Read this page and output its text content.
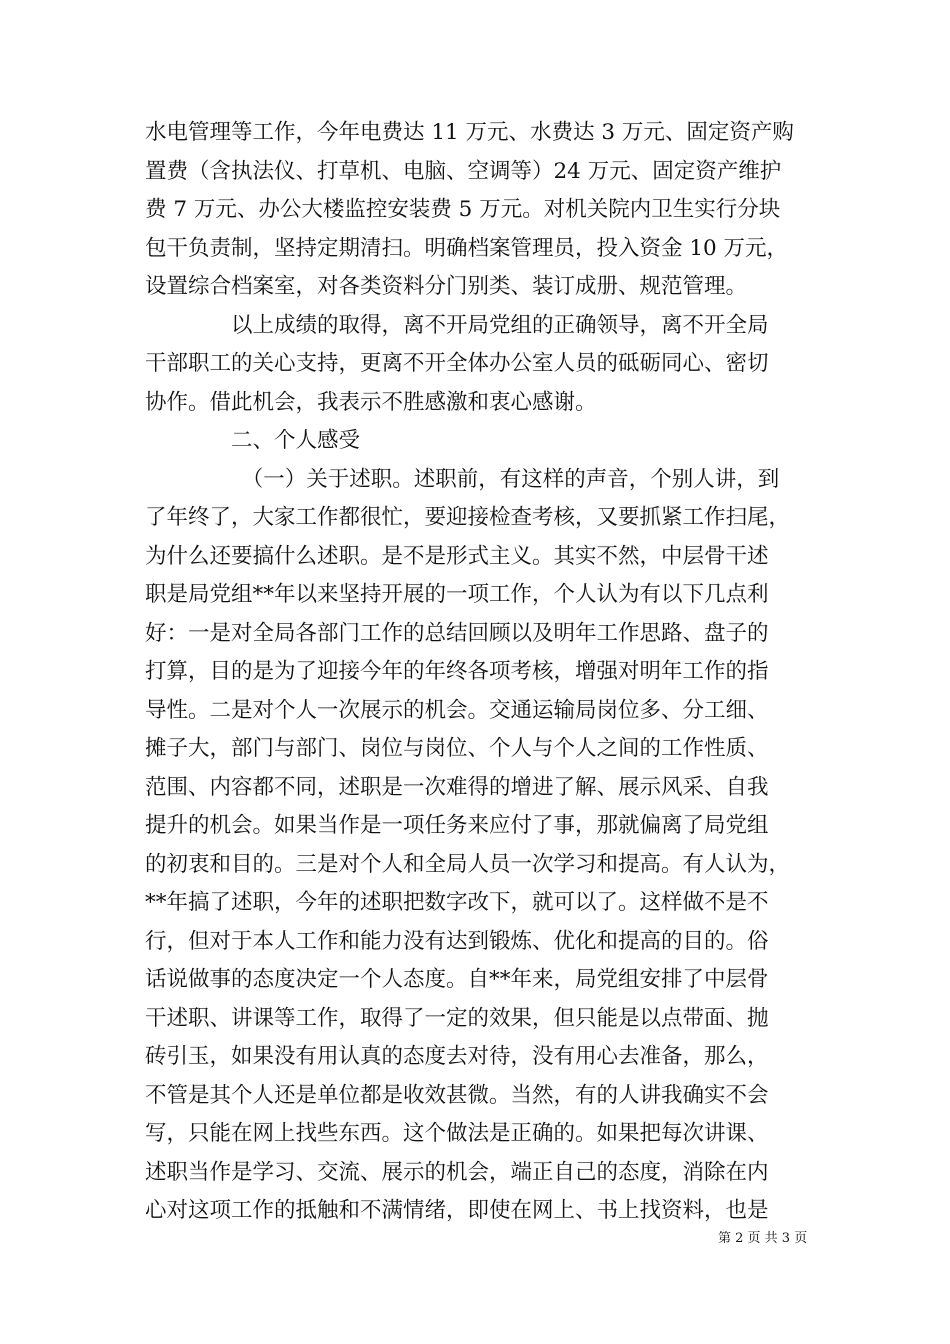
水电管理等工作，今年电费达 11 万元、水费达 3 万元、固定资产购
置费（含执法仪、打草机、电脑、空调等）24 万元、固定资产维护
费 7 万元、办公大楼监控安装费 5 万元。对机关院内卫生实行分块
包干负责制，坚持定期清扫。明确档案管理员，投入资金 10 万元，
设置综合档案室，对各类资料分门别类、装订成册、规范管理。
　　　　以上成绩的取得，离不开局党组的正确领导，离不开全局
干部职工的关心支持，更离不开全体办公室人员的砥砺同心、密切
协作。借此机会，我表示不胜感激和衷心感谢。
　　　　二、个人感受
　　　　　（一）关于述职。述职前，有这样的声音，个别人讲，到
了年终了，大家工作都很忙，要迎接检查考核，又要抓紧工作扫尾，
为什么还要搞什么述职。是不是形式主义。其实不然，中层骨干述
职是局党组**年以来坚持开展的一项工作，个人认为有以下几点利
好：一是对全局各部门工作的总结回顾以及明年工作思路、盘子的
打算，目的是为了迎接今年的年终各项考核，增强对明年工作的指
导性。二是对个人一次展示的机会。交通运输局岗位多、分工细、
摊子大，部门与部门、岗位与岗位、个人与个人之间的工作性质、
范围、内容都不同，述职是一次难得的增进了解、展示风采、自我
提升的机会。如果当作是一项任务来应付了事，那就偏离了局党组
的初衷和目的。三是对个人和全局人员一次学习和提高。有人认为，
**年搞了述职，今年的述职把数字改下，就可以了。这样做不是不
行，但对于本人工作和能力没有达到锻炼、优化和提高的目的。俗
话说做事的态度决定一个人态度。自**年来，局党组安排了中层骨
干述职、讲课等工作，取得了一定的效果，但只能是以点带面、抛
砖引玉，如果没有用认真的态度去对待，没有用心去准备，那么，
不管是其个人还是单位都是收效甚微。当然，有的人讲我确实不会
写，只能在网上找些东西。这个做法是正确的。如果把每次讲课、
述职当作是学习、交流、展示的机会，端正自己的态度，消除在内
心对这项工作的抵触和不满情绪，即使在网上、书上找资料，也是
第 2 页 共 3 页
